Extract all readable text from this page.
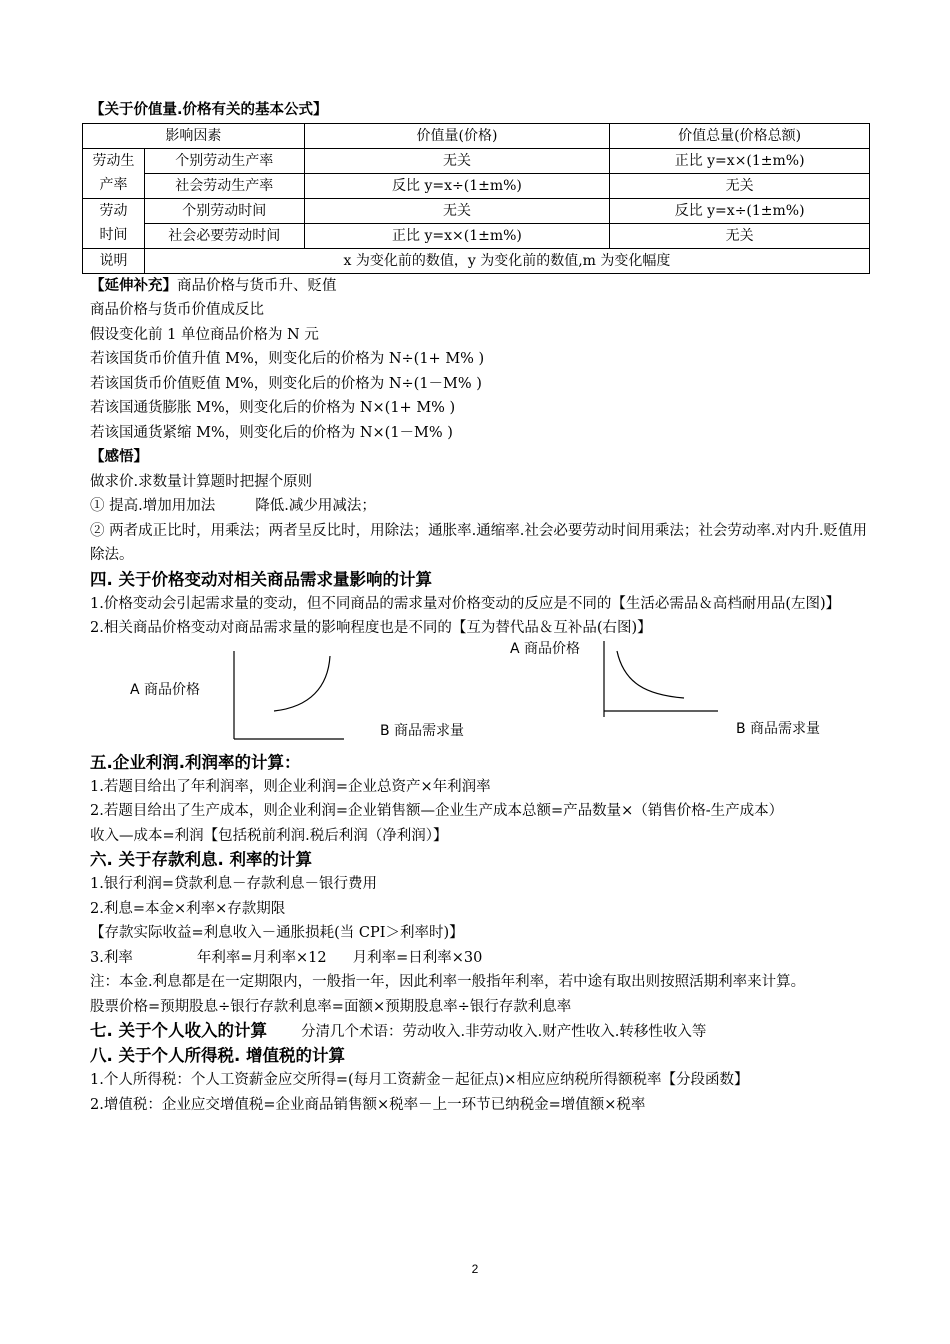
【关于价值量.价格有关的基本公式】
影响因素		价值量(价格)	价值总量(价格总额)
劳动生产率	个别劳动生产率	无关	正比 y=x×(1±m%)
	社会劳动生产率	反比 y=x÷(1±m%)	无关
劳动时间	个别劳动时间	无关	反比 y=x÷(1±m%)
	社会必要劳动时间	正比 y=x×(1±m%)	无关
说明	x 为变化前的数值，y 为变化前的数值,m 为变化幅度		
【延伸补充】商品价格与货币升、贬值
商品价格与货币价值成反比
假设变化前 1 单位商品价格为 N 元
若该国货币价值升值 M%，则变化后的价格为 N÷(1+ M% )
若该国货币价值贬值 M%，则变化后的价格为 N÷(1－M% )
若该国通货膨胀 M%，则变化后的价格为 N×(1+ M% )
若该国通货紧缩 M%，则变化后的价格为 N×(1－M% )
【感悟】
做求价.求数量计算题时把握个原则
① 提高.增加用加法	降低.减少用减法；
② 两者成正比时，用乘法；两者呈反比时，用除法；通胀率.通缩率.社会必要劳动时间用乘法；社会劳动率.对内升.贬值用除法。
四. 关于价格变动对相关商品需求量影响的计算
1.价格变动会引起需求量的变动，但不同商品的需求量对价格变动的反应是不同的【生活必需品＆高档耐用品(左图)】
2.相关商品价格变动对商品需求量的影响程度也是不同的【互为替代品＆互补品(右图)】
A 商品价格
B 商品需求量
A 商品价格
B 商品需求量
五.企业利润.利润率的计算：
1.若题目给出了年利润率，则企业利润=企业总资产×年利润率
2.若题目给出了生产成本，则企业利润=企业销售额—企业生产成本总额=产品数量×（销售价格-生产成本）
收入—成本=利润【包括税前利润.税后利润（净利润）】
六. 关于存款利息. 利率的计算
1.银行利润=贷款利息－存款利息－银行费用
2.利息=本金×利率×存款期限
【存款实际收益=利息收入－通胀损耗(当 CPI＞利率时)】
3.利率	年利率=月利率×12 月利率=日利率×30
注：本金.利息都是在一定期限内，一般指一年，因此利率一般指年利率，若中途有取出则按照活期利率来计算。
股票价格=预期股息÷银行存款利息率=面额×预期股息率÷银行存款利息率
七. 关于个人收入的计算 分清几个术语：劳动收入.非劳动收入.财产性收入.转移性收入等
八. 关于个人所得税. 增值税的计算
1.个人所得税：个人工资薪金应交所得=(每月工资薪金－起征点)×相应应纳税所得额税率【分段函数】
2.增值税：企业应交增值税=企业商品销售额×税率－上一环节已纳税金=增值额×税率
2
